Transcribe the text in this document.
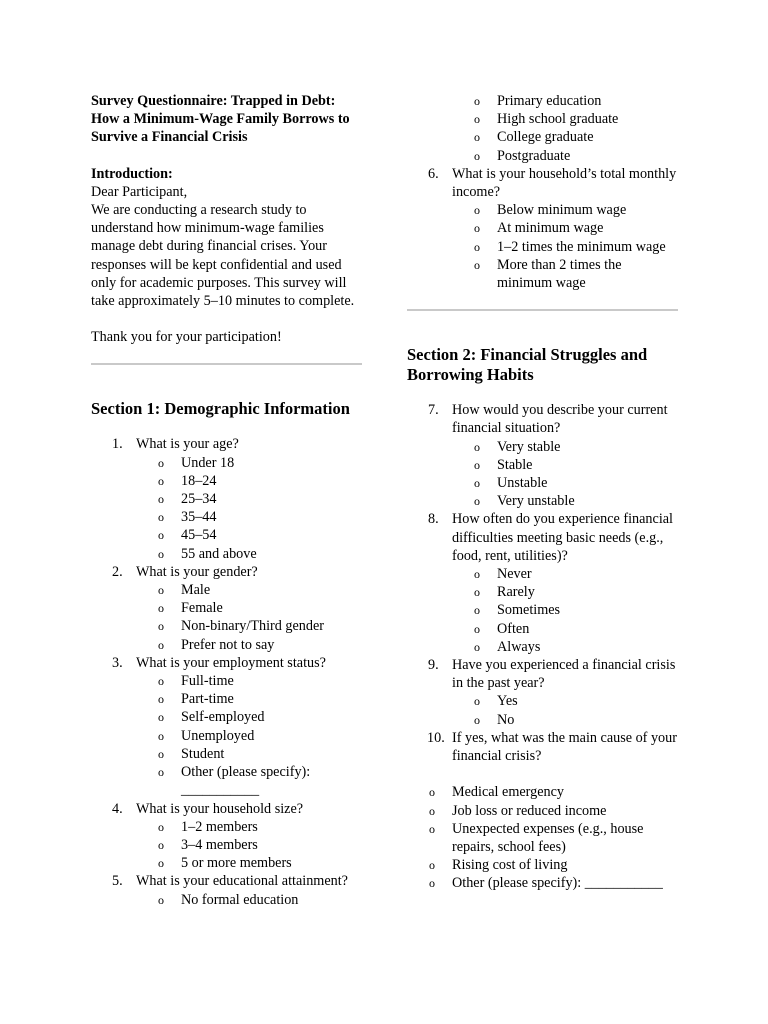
Survey Questionnaire: Trapped in Debt: How a Minimum-Wage Family Borrows to Survive a Financial Crisis

Introduction:

Dear Participant,

We are conducting a research study to understand how minimum-wage families manage debt during financial crises. Your responses will be kept confidential and used only for academic purposes. This survey will take approximately 5–10 minutes to complete.

Thank you for your participation!

Section 1: Demographic Information
1. What is your age?
o Under 18
o 18–24
o 25–34
o 35–44
o 45–54
o 55 and above
2. What is your gender?
o Male
o Female
o Non-binary/Third gender
o Prefer not to say
3. What is your employment status?
o Full-time
o Part-time
o Self-employed
o Unemployed
o Student
o Other (please specify): ___________
4. What is your household size?
o 1–2 members
o 3–4 members
o 5 or more members
5. What is your educational attainment?
o No formal education
o Primary education
o High school graduate
o College graduate
o Postgraduate
6. What is your household’s total monthly income?
o Below minimum wage
o At minimum wage
o 1–2 times the minimum wage
o More than 2 times the minimum wage
Section 2: Financial Struggles and Borrowing Habits
7. How would you describe your current financial situation?
o Very stable
o Stable
o Unstable
o Very unstable
8. How often do you experience financial difficulties meeting basic needs (e.g., food, rent, utilities)?
o Never
o Rarely
o Sometimes
o Often
o Always
9. Have you experienced a financial crisis in the past year?
o Yes
o No
10. If yes, what was the main cause of your financial crisis?
o Medical emergency
o Job loss or reduced income
o Unexpected expenses (e.g., house repairs, school fees)
o Rising cost of living
o Other (please specify): ___________
